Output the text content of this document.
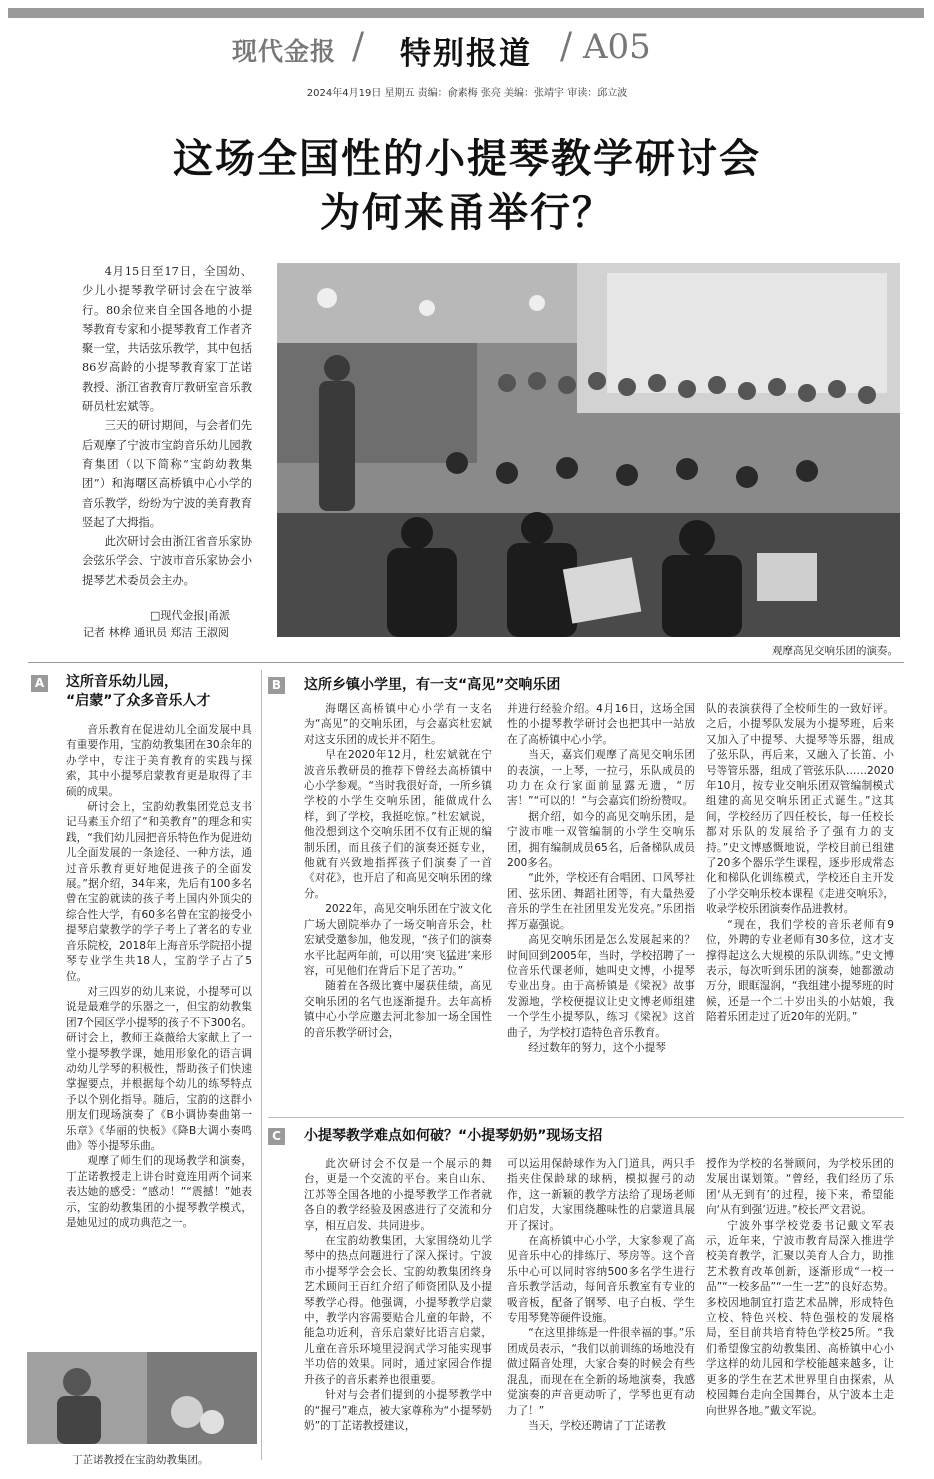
现代金报 / 特别报道 / A05
2024年4月19日 星期五 责编：俞素梅 张亮 美编：张靖宇 审读：邱立波
这场全国性的小提琴教学研讨会
为何来甬举行？

4月15日至17日，全国幼、少儿小提琴教学研讨会在宁波举行。80余位来自全国各地的小提琴教育专家和小提琴教育工作者齐聚一堂，共话弦乐教学，其中包括86岁高龄的小提琴教育家丁芷诺教授、浙江省教育厅教研室音乐教研员杜宏斌等。

三天的研讨期间，与会者们先后观摩了宁波市宝韵音乐幼儿园教育集团（以下简称“宝韵幼教集团”）和海曙区高桥镇中心小学的音乐教学，纷纷为宁波的美育教育竖起了大拇指。

此次研讨会由浙江省音乐家协会弦乐学会、宁波市音乐家协会小提琴艺术委员会主办。

□现代金报|甬派
记者 林桦 通讯员 郑洁 王淑阅
观摩高见交响乐团的演奏。
A 这所音乐幼儿园，
“启蒙”了众多音乐人才

音乐教育在促进幼儿全面发展中具有重要作用，宝韵幼教集团在30余年的办学中，专注于美育教育的实践与探索，其中小提琴启蒙教育更是取得了丰硕的成果。

研讨会上，宝韵幼教集团党总支书记马素玉介绍了“和美教育”的理念和实践，“我们幼儿园把音乐特色作为促进幼儿全面发展的一条途径、一种方法，通过音乐教育更好地促进孩子的全面发展。”据介绍，34年来，先后有100多名曾在宝韵就读的孩子考上国内外顶尖的综合性大学，有60多名曾在宝韵接受小提琴启蒙教学的学子考上了著名的专业音乐院校，2018年上海音乐学院招小提琴专业学生共18人，宝韵学子占了5位。

对三四岁的幼儿来说，小提琴可以说是最难学的乐器之一，但宝韵幼教集团7个园区学小提琴的孩子不下300名。研讨会上，教师王焱薇给大家献上了一堂小提琴教学课，她用形象化的语言调动幼儿学琴的积极性，帮助孩子们快速掌握要点，并根据每个幼儿的练琴特点予以个别化指导。随后，宝韵的这群小朋友们现场演奏了《B小调协奏曲第一乐章》《华丽的快板》《降B大调小奏鸣曲》等小提琴乐曲。

观摩了师生们的现场教学和演奏，丁芷诺教授走上讲台时竟连用两个词来表达她的感受：“感动！”“震撼！”她表示，宝韵幼教集团的小提琴教学模式，是她见过的成功典范之一。

丁芷诺教授在宝韵幼教集团。
B 这所乡镇小学里，有一支“高见”交响乐团

海曙区高桥镇中心小学有一支名为“高见”的交响乐团，与会嘉宾杜宏斌对这支乐团的成长并不陌生。

早在2020年12月，杜宏斌就在宁波音乐教研员的推荐下曾经去高桥镇中心小学参观。“当时我很好奇，一所乡镇学校的小学生交响乐团，能做成什么样，到了学校，我挺吃惊。”杜宏斌说，他没想到这个交响乐团不仅有正规的编制乐团，而且孩子们的演奏还挺专业，他就有兴致地指挥孩子们演奏了一首《对花》，也开启了和高见交响乐团的缘分。

2022年，高见交响乐团在宁波文化广场大剧院举办了一场交响音乐会，杜宏斌受邀参加，他发现，“孩子们的演奏水平比起两年前，可以用‘突飞猛进’来形容，可见他们在背后下足了苦功。”

随着在各级比赛中屡获佳绩，高见交响乐团的名气也逐渐提升。去年高桥镇中心小学应邀去河北参加一场全国性的音乐教学研讨会，

并进行经验介绍。4月16日，这场全国性的小提琴教学研讨会也把其中一站放在了高桥镇中心小学。

当天，嘉宾们观摩了高见交响乐团的表演，一上琴，一拉弓，乐队成员的功力在众行家面前显露无遗，“厉害！”“可以的！”与会嘉宾们纷纷赞叹。

据介绍，如今的高见交响乐团，是宁波市唯一双管编制的小学生交响乐团，拥有编制成员65名，后备梯队成员200多名。

“此外，学校还有合唱团、口风琴社团、弦乐团、舞蹈社团等，有大量热爱音乐的学生在社团里发光发亮。”乐团指挥万嘉强说。

高见交响乐团是怎么发展起来的？时间回到2005年，当时，学校招聘了一位音乐代课老师，她叫史文博，小提琴专业出身。由于高桥镇是《梁祝》故事发源地，学校便提议让史文博老师组建一个学生小提琴队，练习《梁祝》这首曲子，为学校打造特色音乐教育。

经过数年的努力，这个小提琴

队的表演获得了全校师生的一致好评。之后，小提琴队发展为小提琴班，后来又加入了中提琴、大提琴等乐器，组成了弦乐队，再后来，又融入了长笛、小号等管乐器，组成了管弦乐队……2020年10月，按专业交响乐团双管编制模式组建的高见交响乐团正式诞生。”这其间，学校经历了四任校长，每一任校长都对乐队的发展给予了强有力的支持。”史文博感慨地说，学校目前已组建了20多个器乐学生课程，逐步形成常态化和梯队化训练模式，学校还自主开发了小学交响乐校本课程《走进交响乐》，收录学校乐团演奏作品进教材。

“现在，我们学校的音乐老师有9位，外聘的专业老师有30多位，这才支撑得起这么大规模的乐队训练。”史文博表示，每次听到乐团的演奏，她都激动万分，眼眶湿润，“我组建小提琴班的时候，还是一个二十岁出头的小姑娘，我陪着乐团走过了近20年的光阴。”

C 小提琴教学难点如何破？“小提琴奶奶”现场支招

此次研讨会不仅是一个展示的舞台，更是一个交流的平台。来自山东、江苏等全国各地的小提琴教学工作者就各自的教学经验及困惑进行了交流和分享，相互启发、共同进步。

在宝韵幼教集团，大家围绕幼儿学琴中的热点问题进行了深入探讨。宁波市小提琴学会会长、宝韵幼教集团终身艺术顾问王百红介绍了师资团队及小提琴教学心得。他强调，小提琴教学启蒙中，教学内容需要贴合儿童的年龄，不能急功近利，音乐启蒙好比语言启蒙，儿童在音乐环境里浸润式学习能实现事半功倍的效果。同时，通过家园合作提升孩子的音乐素养也很重要。

针对与会者们提到的小提琴教学中的“握弓”难点，被大家尊称为“小提琴奶奶”的丁芷诺教授建议，

可以运用保龄球作为入门道具，两只手指夹住保龄球的球柄，模拟握弓的动作，这一新颖的教学方法给了现场老师们启发，大家围绕趣味性的启蒙道具展开了探讨。

在高桥镇中心小学，大家参观了高见音乐中心的排练厅、琴房等。这个音乐中心可以同时容纳500多名学生进行音乐教学活动，每间音乐教室有专业的吸音板，配备了钢琴、电子白板、学生专用琴凳等硬件设施。

“在这里排练是一件很幸福的事。”乐团成员表示，“我们以前训练的场地没有做过隔音处理，大家合奏的时候会有些混乱，而现在在全新的场地演奏，我感觉演奏的声音更动听了，学琴也更有动力了！”

当天，学校还聘请了丁芷诺教

授作为学校的名誉顾问，为学校乐团的发展出谋划策。“曾经，我们经历了乐团‘从无到有’的过程，接下来，希望能向‘从有到强’迈进。”校长严文君说。

宁波外事学校党委书记戴文军表示，近年来，宁波市教育局深入推进学校美育教学，汇聚以美育人合力，助推艺术教育改革创新，逐渐形成“一校一品”“一校多品”“一生一艺”的良好态势。多校因地制宜打造艺术品牌，形成特色立校、特色兴校、特色强校的发展格局，至目前共培育特色学校25所。“我们希望像宝韵幼教集团、高桥镇中心小学这样的幼儿园和学校能越来越多，让更多的学生在艺术世界里自由探索，从校园舞台走向全国舞台，从宁波本土走向世界各地。”戴文军说。
